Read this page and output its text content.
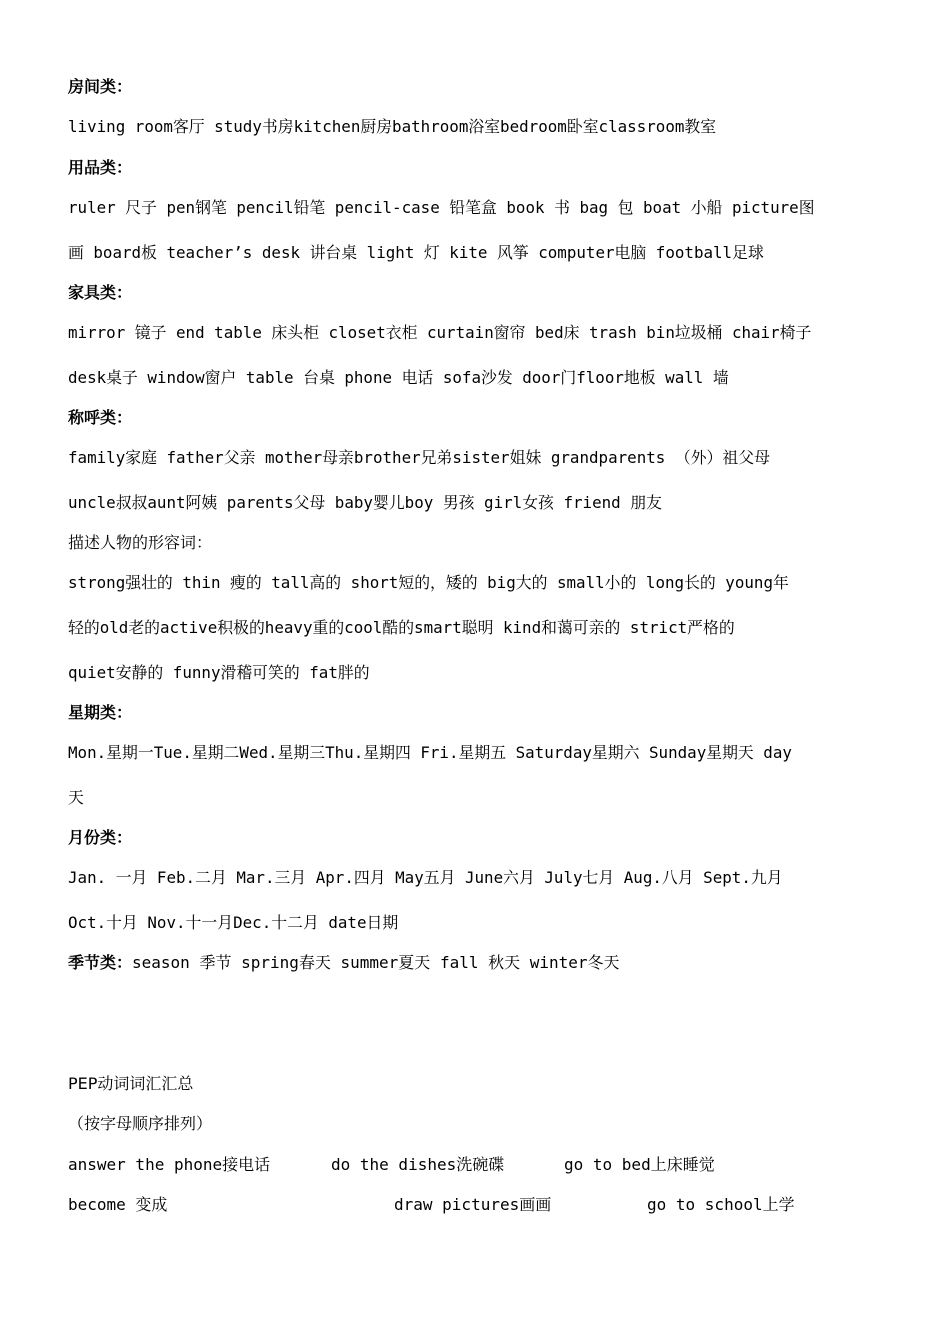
房间类：
living room客厅 study书房kitchen厨房bathroom浴室bedroom卧室classroom教室
用品类：
ruler 尺子 pen钢笔 pencil铅笔 pencil-case 铅笔盒 book 书 bag 包 boat 小船 picture图
画 board板 teacher’s desk 讲台桌 light 灯 kite 风筝 computer电脑 football足球
家具类：
mirror 镜子 end table 床头柜 closet衣柜 curtain窗帘 bed床 trash bin垃圾桶 chair椅子
desk桌子 window窗户 table 台桌 phone 电话 sofa沙发 door门floor地板 wall 墙
称呼类：
family家庭 father父亲 mother母亲brother兄弟sister姐妹 grandparents （外）祖父母
uncle叔叔aunt阿姨 parents父母 baby婴儿boy 男孩 girl女孩 friend 朋友
描述人物的形容词：
strong强壮的 thin 瘦的 tall高的 short短的，矮的 big大的 small小的 long长的 young年
轻的old老的active积极的heavy重的cool酷的smart聪明 kind和蔼可亲的 strict严格的
quiet安静的 funny滑稽可笑的 fat胖的
星期类：
Mon.星期一Tue.星期二Wed.星期三Thu.星期四 Fri.星期五 Saturday星期六 Sunday星期天 day
天
月份类：
Jan. 一月 Feb.二月 Mar.三月 Apr.四月 May五月 June六月 July七月 Aug.八月 Sept.九月
Oct.十月 Nov.十一月Dec.十二月 date日期
季节类：season 季节 spring春天 summer夏天 fall 秋天 winter冬天
PEP动词词汇汇总
（按字母顺序排列）
answer the phone接电话	do the dishes洗碗碟	go to bed上床睡觉
become 变成	draw pictures画画	go to school上学
